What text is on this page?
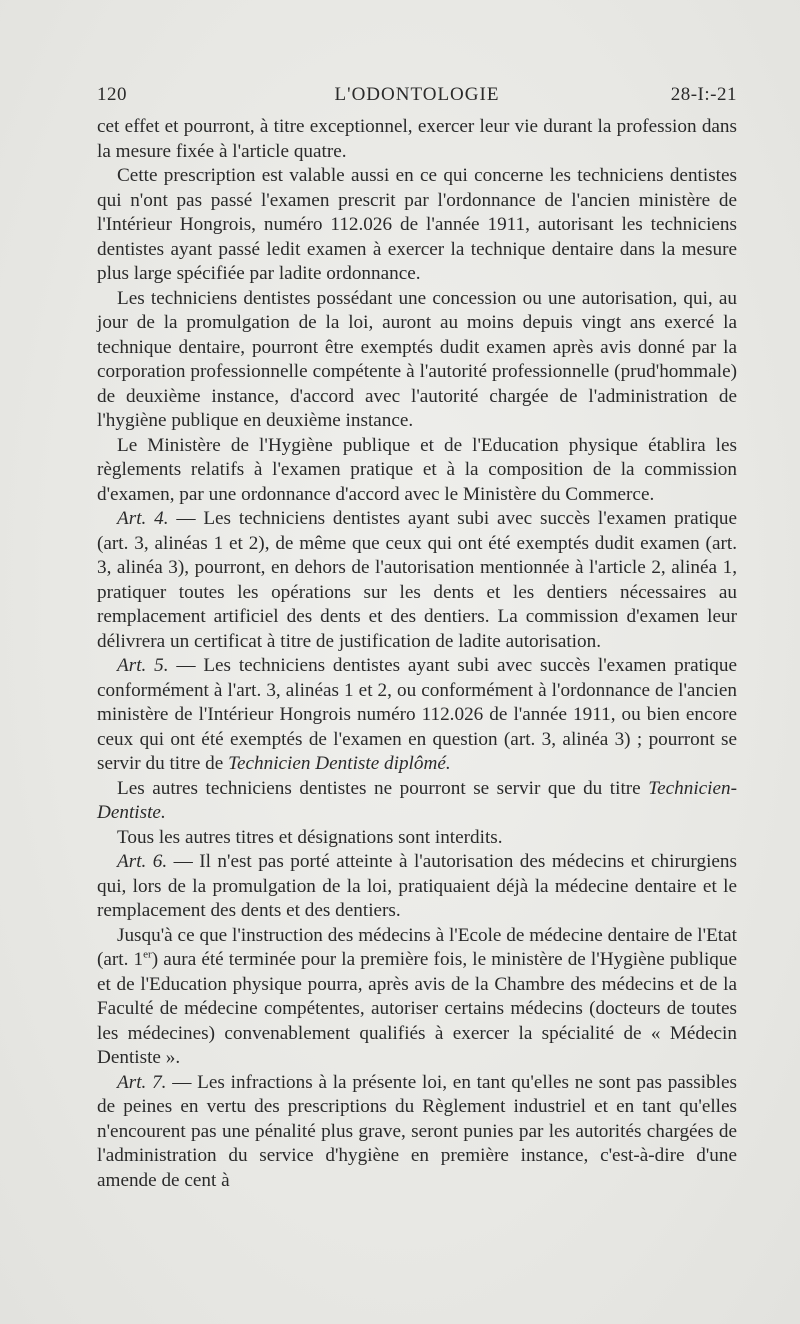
120	L'ODONTOLOGIE	28-I:-21

cet effet et pourront, à titre exceptionnel, exercer leur vie durant la profession dans la mesure fixée à l'article quatre.

Cette prescription est valable aussi en ce qui concerne les techniciens dentistes qui n'ont pas passé l'examen prescrit par l'ordonnance de l'ancien ministère de l'Intérieur Hongrois, numéro 112.026 de l'année 1911, autorisant les techniciens dentistes ayant passé ledit examen à exercer la technique dentaire dans la mesure plus large spécifiée par ladite ordonnance.

Les techniciens dentistes possédant une concession ou une autorisation, qui, au jour de la promulgation de la loi, auront au moins depuis vingt ans exercé la technique dentaire, pourront être exemptés dudit examen après avis donné par la corporation professionnelle compétente à l'autorité professionnelle (prud'hommale) de deuxième instance, d'accord avec l'autorité chargée de l'administration de l'hygiène publique en deuxième instance.

Le Ministère de l'Hygiène publique et de l'Education physique établira les règlements relatifs à l'examen pratique et à la composition de la commission d'examen, par une ordonnance d'accord avec le Ministère du Commerce.

Art. 4. — Les techniciens dentistes ayant subi avec succès l'examen pratique (art. 3, alinéas 1 et 2), de même que ceux qui ont été exemptés dudit examen (art. 3, alinéa 3), pourront, en dehors de l'autorisation mentionnée à l'article 2, alinéa 1, pratiquer toutes les opérations sur les dents et les dentiers nécessaires au remplacement artificiel des dents et des dentiers. La commission d'examen leur délivrera un certificat à titre de justification de ladite autorisation.

Art. 5. — Les techniciens dentistes ayant subi avec succès l'examen pratique conformément à l'art. 3, alinéas 1 et 2, ou conformément à l'ordonnance de l'ancien ministère de l'Intérieur Hongrois numéro 112.026 de l'année 1911, ou bien encore ceux qui ont été exemptés de l'examen en question (art. 3, alinéa 3) ; pourront se servir du titre de Technicien Dentiste diplômé.

Les autres techniciens dentistes ne pourront se servir que du titre Technicien-Dentiste.

Tous les autres titres et désignations sont interdits.

Art. 6. — Il n'est pas porté atteinte à l'autorisation des médecins et chirurgiens qui, lors de la promulgation de la loi, pratiquaient déjà la médecine dentaire et le remplacement des dents et des dentiers.

Jusqu'à ce que l'instruction des médecins à l'Ecole de médecine dentaire de l'Etat (art. 1er) aura été terminée pour la première fois, le ministère de l'Hygiène publique et de l'Education physique pourra, après avis de la Chambre des médecins et de la Faculté de médecine compétentes, autoriser certains médecins (docteurs de toutes les médecines) convenablement qualifiés à exercer la spécialité de « Médecin Dentiste ».

Art. 7. — Les infractions à la présente loi, en tant qu'elles ne sont pas passibles de peines en vertu des prescriptions du Règlement industriel et en tant qu'elles n'encourent pas une pénalité plus grave, seront punies par les autorités chargées de l'administration du service d'hygiène en première instance, c'est-à-dire d'une amende de cent à
